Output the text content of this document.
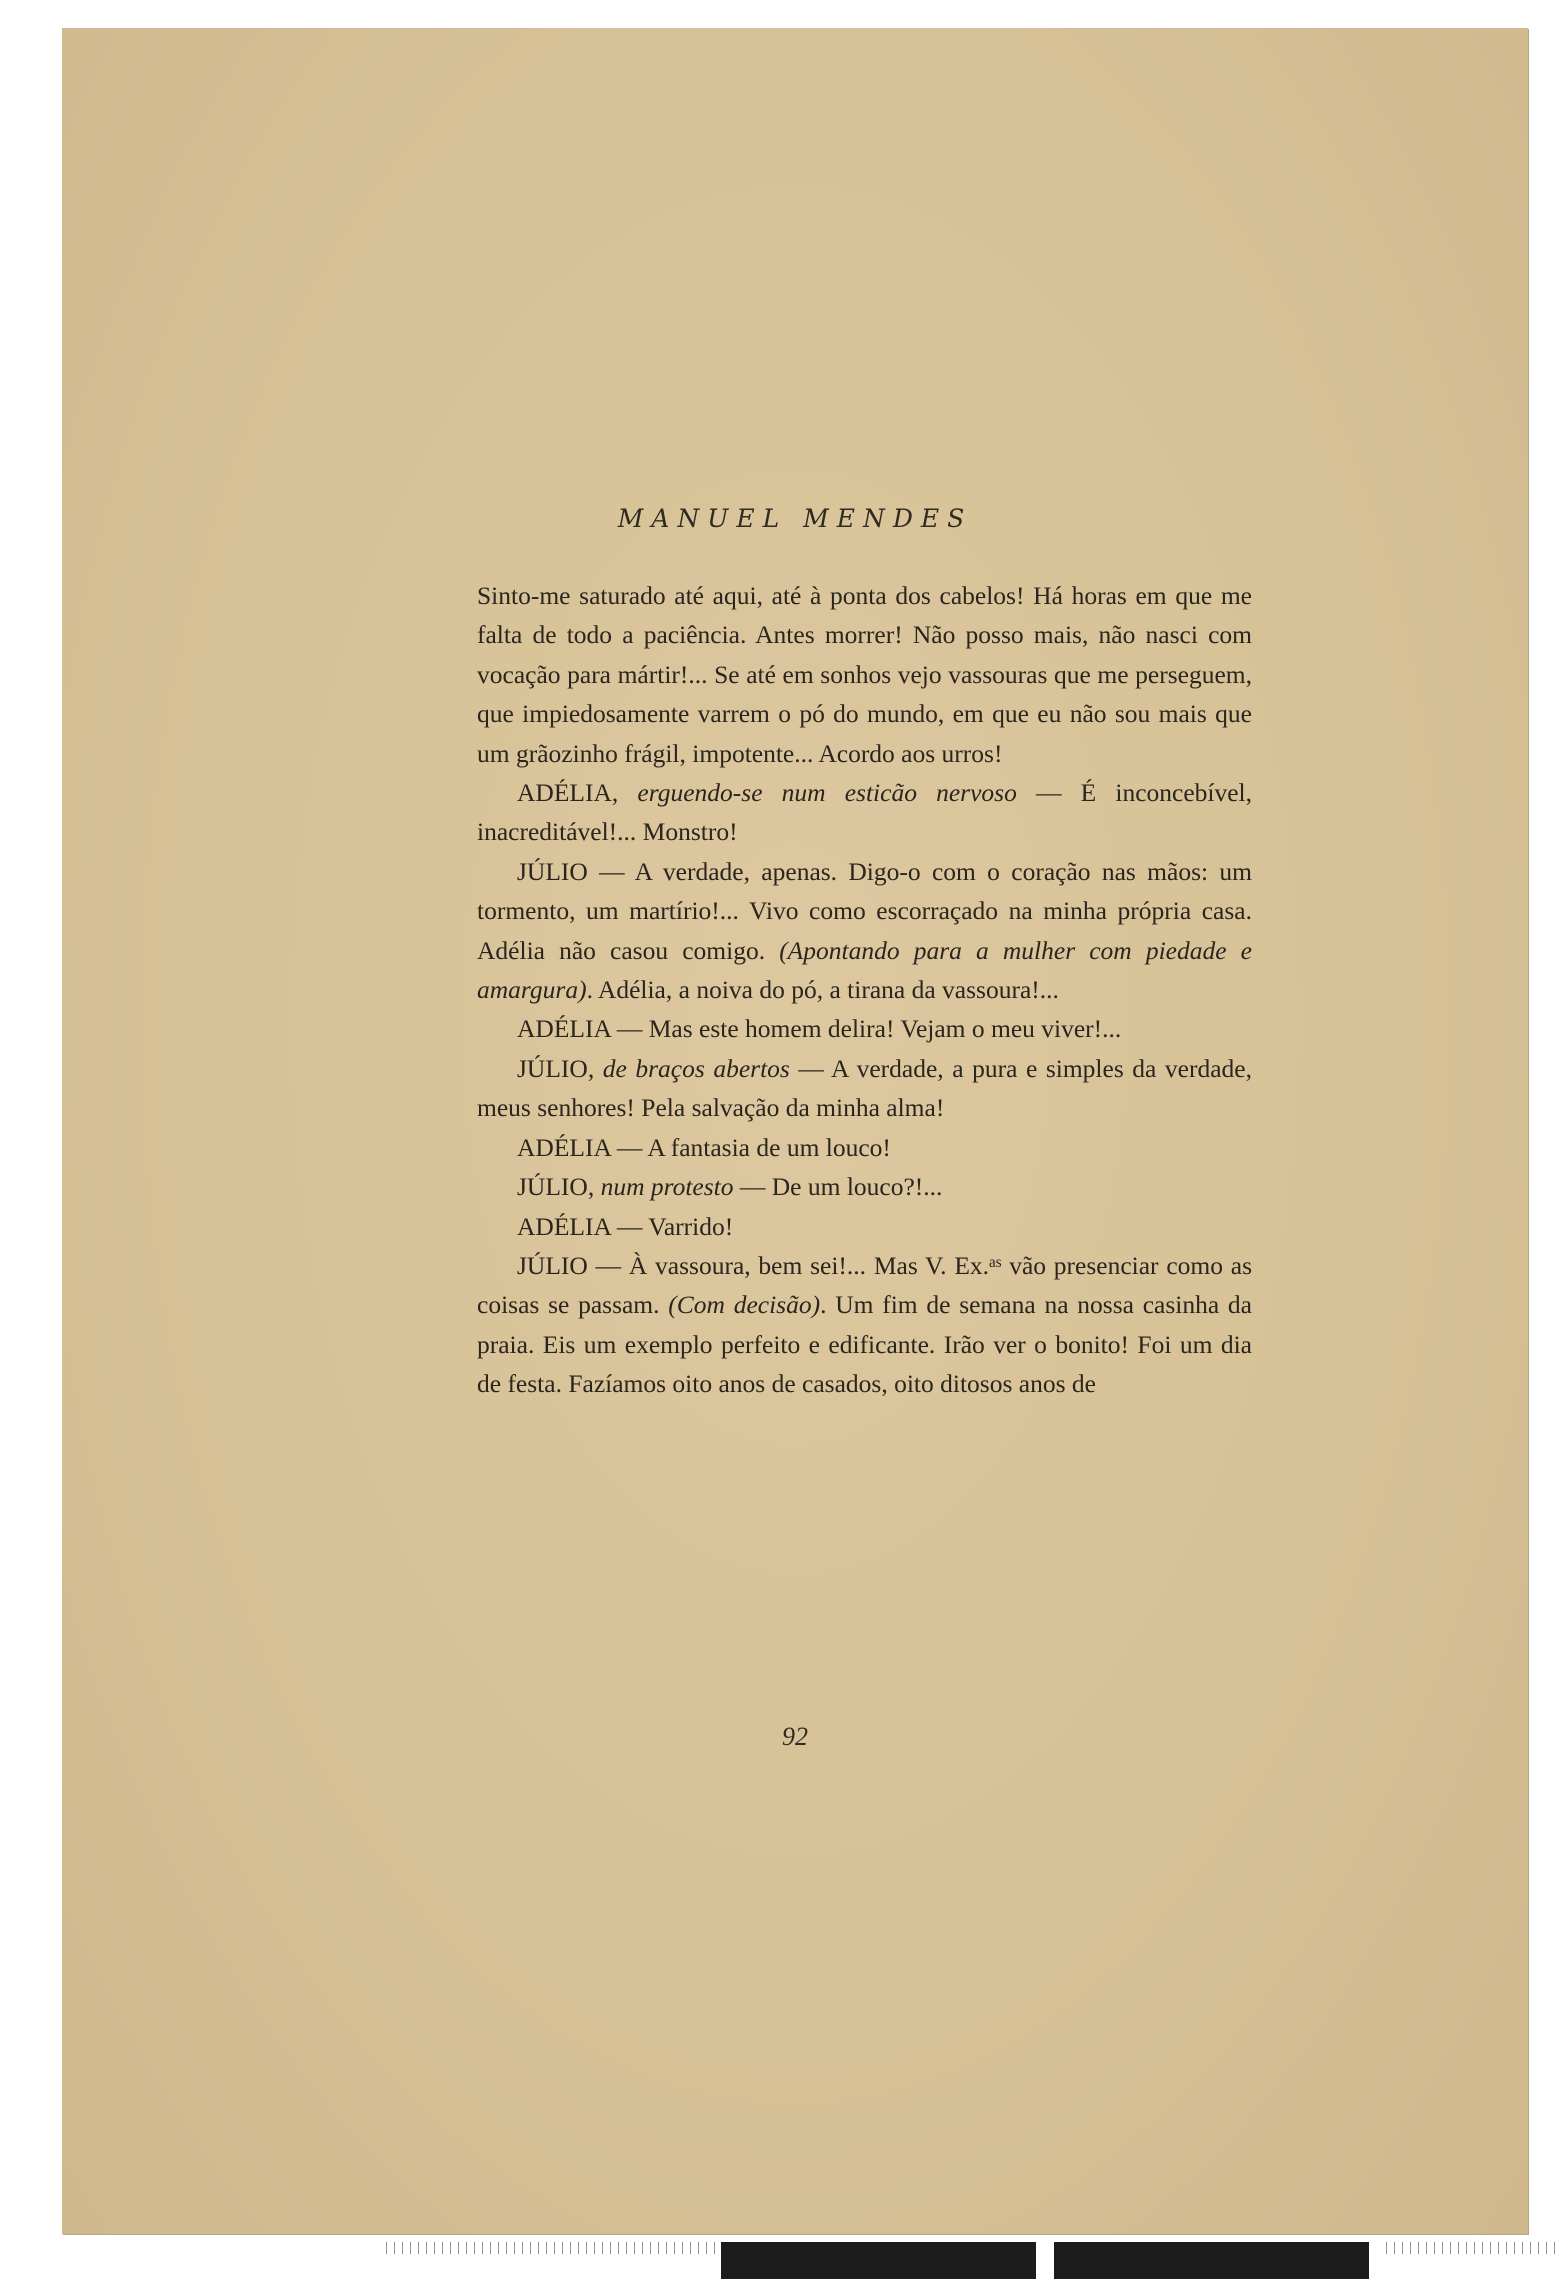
MANUEL MENDES

Sinto-me saturado até aqui, até à ponta dos cabelos! Há horas em que me falta de todo a paciência. Antes morrer! Não posso mais, não nasci com vocação para mártir!... Se até em sonhos vejo vassouras que me perseguem, que impiedosamente varrem o pó do mundo, em que eu não sou mais que um grãozinho frágil, impotente... Acordo aos urros!

ADÉLIA, erguendo-se num esticão nervoso — É inconcebível, inacreditável!... Monstro!

JÚLIO — A verdade, apenas. Digo-o com o coração nas mãos: um tormento, um martírio!... Vivo como escorraçado na minha própria casa. Adélia não casou comigo. (Apontando para a mulher com piedade e amargura). Adélia, a noiva do pó, a tirana da vassoura!...

ADÉLIA — Mas este homem delira! Vejam o meu viver!...

JÚLIO, de braços abertos — A verdade, a pura e simples da verdade, meus senhores! Pela salvação da minha alma!

ADÉLIA — A fantasia de um louco!

JÚLIO, num protesto — De um louco?!...

ADÉLIA — Varrido!

JÚLIO — À vassoura, bem sei!... Mas V. Ex.ᵃˢ vão presenciar como as coisas se passam. (Com decisão). Um fim de semana na nossa casinha da praia. Eis um exemplo perfeito e edificante. Irão ver o bonito! Foi um dia de festa. Fazíamos oito anos de casados, oito ditosos anos de

92
